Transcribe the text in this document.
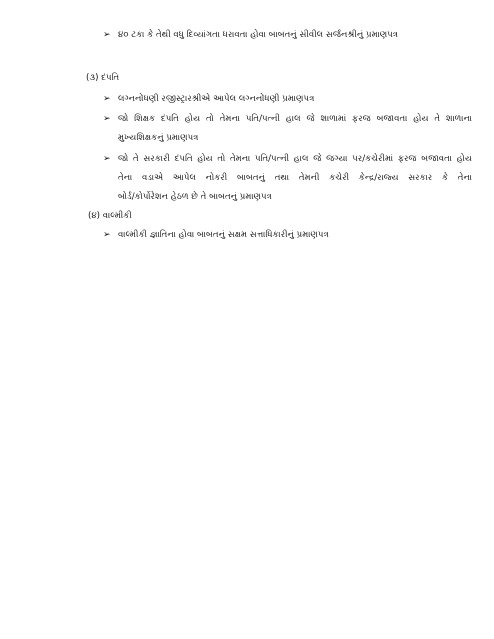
➢ ૪૦ ટકા કે તેથી વધુ દિવ્યાંગતા ધરાવતા હોવા બાબતનું સીવીલ સર્જનશ્રીનું પ્રમાણપત્ર
(૩) દંપતિ
➢ લગ્નનોંધણી રજીસ્ટ્રારશ્રીએ આપેલ લગ્નનોંધણી પ્રમાણપત્ર
➢ જો શિક્ષક દંપતિ હોય તો તેમના પતિ/પત્ની હાલ જે શાળામાં ફરજ બજાવતા હોય તે શાળાના
મુખ્યશિક્ષકનું પ્રમાણપત્ર
➢ જો તે સરકારી દંપતિ હોય તો તેમના પતિ/પત્ની હાલ જે જગ્યા પર/કચેરીમાં ફરજ બજાવતા હોય
તેના વડાએ આપેલ નોકરી બાબતનું તથા તેમની કચેરી કેન્દ્ર/રાજ્ય સરકાર કે તેના
બોર્ડ/કોર્પોરેશન હેઠળ છે તે બાબતનું પ્રમાણપત્ર
(૪) વાલ્મીકી
➢ વાલ્મીકી જ્ઞાતિના હોવા બાબતનું સક્ષમ સત્તાધિકારીનું પ્રમાણપત્ર
